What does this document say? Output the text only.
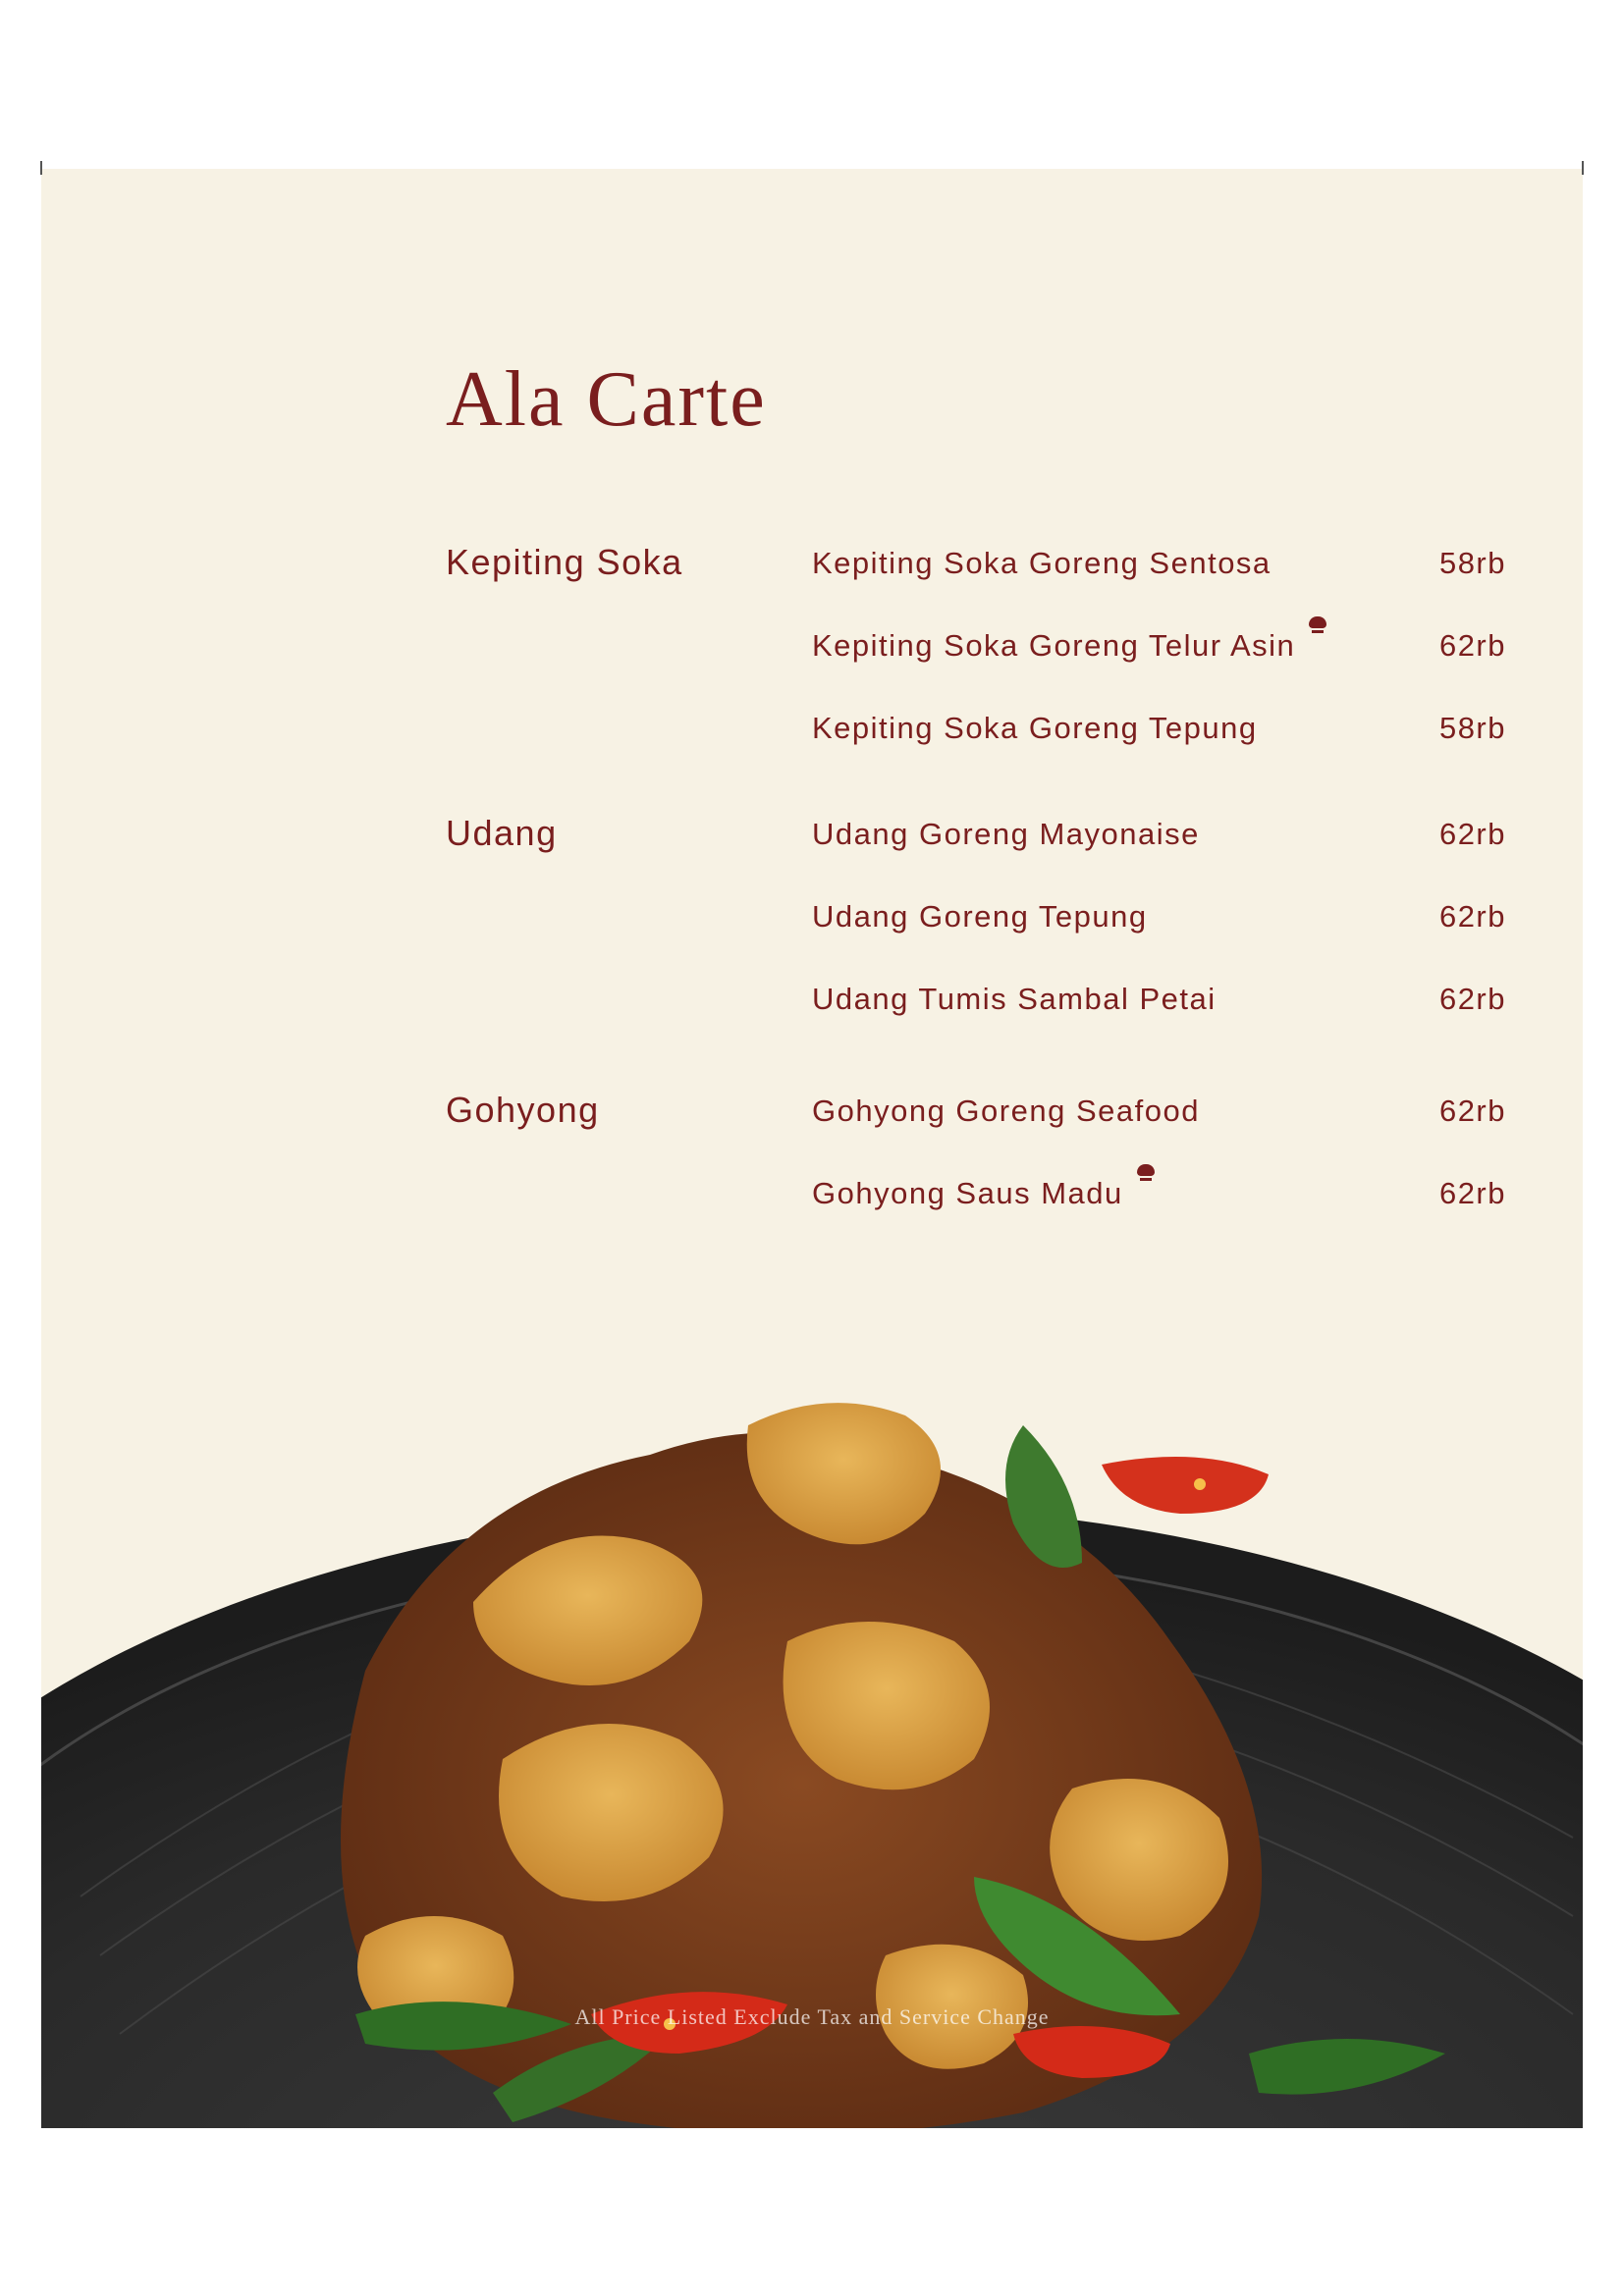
Ala Carte
Kepiting Soka	Kepiting Soka Goreng Sentosa	58rb
Kepiting Soka Goreng Telur Asin	62rb
Kepiting Soka Goreng Tepung	58rb
Udang	Udang Goreng Mayonaise	62rb
Udang Goreng Tepung	62rb
Udang Tumis Sambal Petai	62rb
Gohyong	Gohyong Goreng Seafood	62rb
Gohyong Saus Madu	62rb
All Price Listed Exclude Tax and Service Change
